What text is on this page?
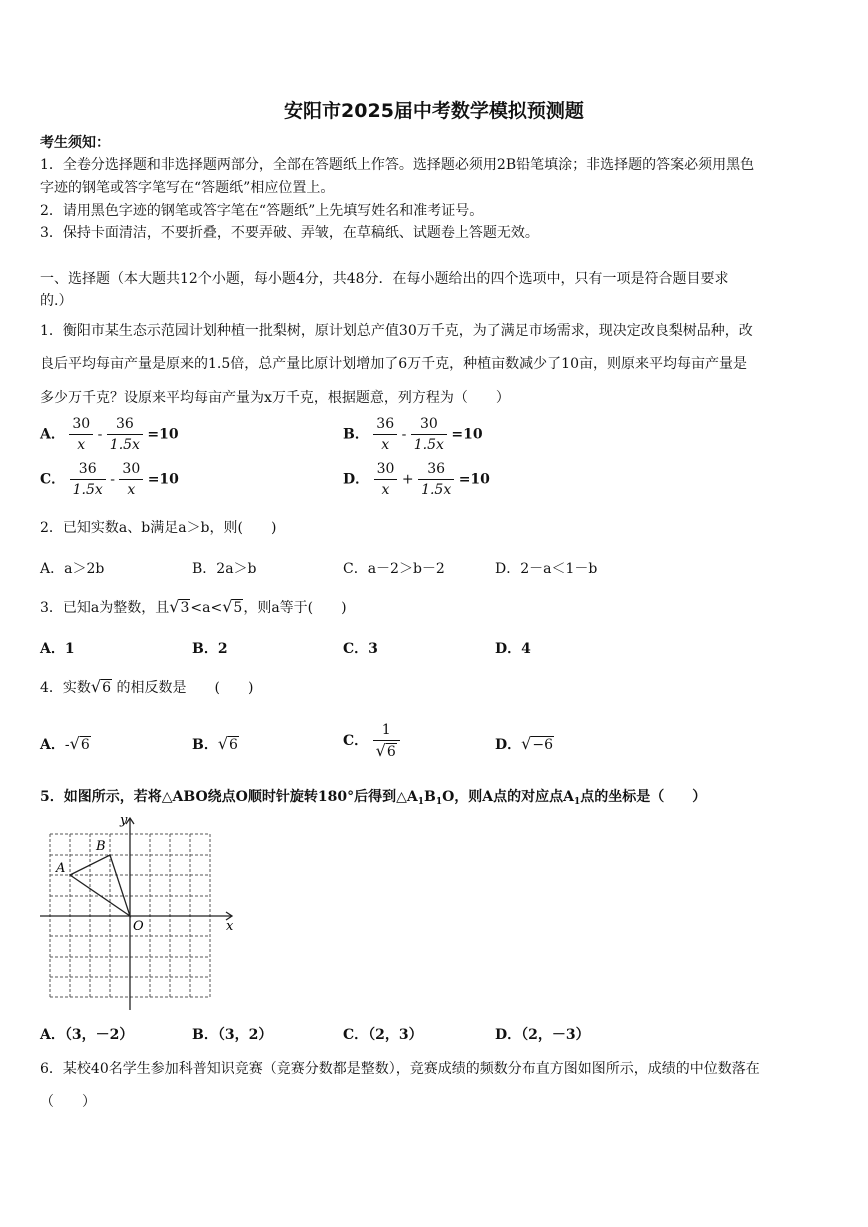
安阳市2025届中考数学模拟预测题
考生须知：
1．全卷分选择题和非选择题两部分，全部在答题纸上作答。选择题必须用2B铅笔填涂；非选择题的答案必须用黑色
字迹的钢笔或答字笔写在“答题纸”相应位置上。
2．请用黑色字迹的钢笔或答字笔在“答题纸”上先填写姓名和准考证号。
3．保持卡面清洁，不要折叠，不要弄破、弄皱，在草稿纸、试题卷上答题无效。
一、选择题（本大题共12个小题，每小题4分，共48分．在每小题给出的四个选项中，只有一项是符合题目要求
的.）
1．衡阳市某生态示范园计划种植一批梨树，原计划总产值30万千克，为了满足市场需求，现决定改良梨树品种，改
良后平均每亩产量是原来的1.5倍，总产量比原计划增加了6万千克，种植亩数减少了10亩，则原来平均每亩产量是
多少万千克？设原来平均每亩产量为x万千克，根据题意，列方程为（　　）
A． $\frac{30}{x} - \frac{36}{1.5x} =10$	B． $\frac{36}{x} - \frac{30}{1.5x} =10$
C． $\frac{36}{1.5x} - \frac{30}{x} =10$	D． $\frac{30}{x} + \frac{36}{1.5x} =10$
2．已知实数a、b满足a＞b，则(　　)
A．a＞2b	B．2a＞b	C．a－2＞b－2	D．2－a＜1－b
3．已知a为整数，且√3<a<√5，则a等于(　　)
A．1	B．2	C．3	D．4
4．实数√6 的相反数是　　(　　)
A．-√6	B．√6	C． $\frac{1}{√6}$	D．√−6
5．如图所示，若将△ABO绕点O顺时针旋转180°后得到$\triangle A_1B_1O$，则A点的对应点$A_1$点的坐标是（　　）
y
x
A
B
O
A．（3，－2）	B．（3，2）	C．（2，3）	D．（2，－3）
6．某校40名学生参加科普知识竞赛（竞赛分数都是整数），竞赛成绩的频数分布直方图如图所示，成绩的中位数落在
（　　）
